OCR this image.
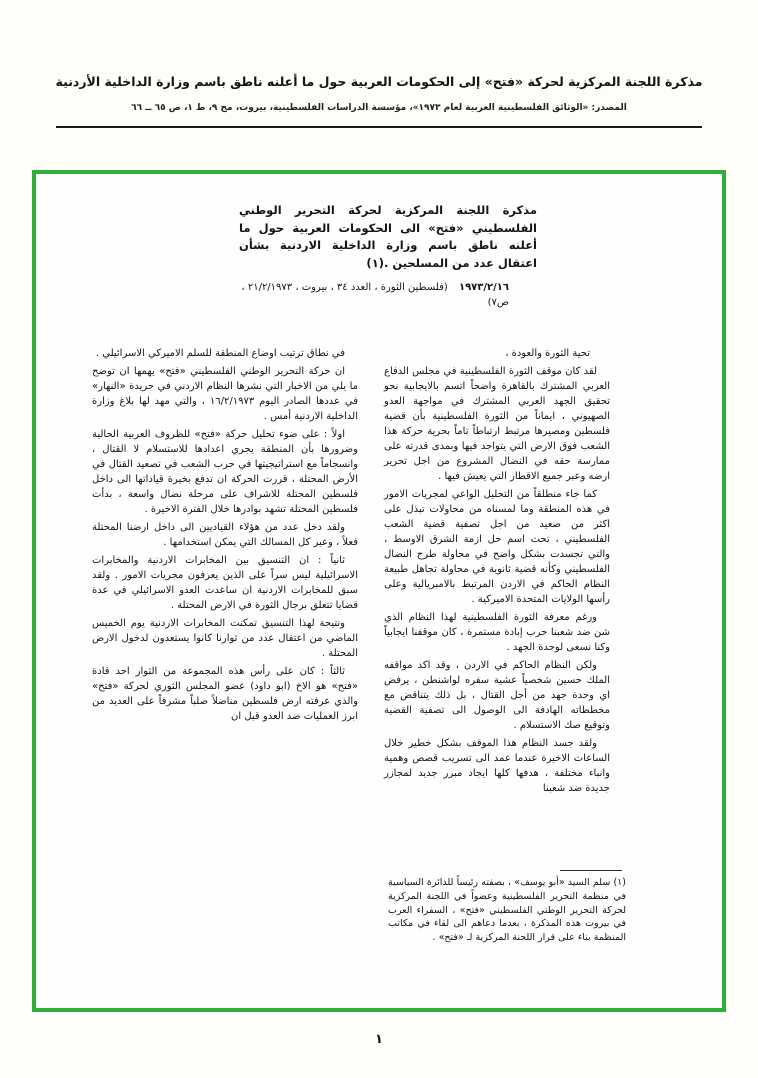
مذكرة اللجنة المركزية لحركة «فتح» إلى الحكومات العربية حول ما أعلنه ناطق باسم وزارة الداخلية الأردنية
المصدر: «الوثائق الفلسطينية العربية لعام ١٩٧٣»، مؤسسة الدراسات الفلسطينية، بيروت، مج ٩، ط ١، ص ٦٥ ــ ٦٦
مذكرة اللجنة المركزية لحركة التحرير الوطني الفلسطيني «فتح» الى الحكومات العربية حول ما أعلنه ناطق باسم وزارة الداخلية الاردنية بشأن اعتقال عدد من المسلحين .(١)
١٩٧٣/٢/١٦ (فلسطين الثورة ، العدد ٣٤ ، بيروت ، ٢١/٢/١٩٧٣ ، ص٧)

تحية الثورة والعودة ،

لقد كان موقف الثورة الفلسطينية في مجلس الدفاع العربي المشترك بالقاهرة واضحاً اتسم بالايجابية نحو تحقيق الجهد العربي المشترك في مواجهة العدو الصهيوني ، ايماناً من الثورة الفلسطينية بأن قضية فلسطين ومصيرها مرتبط ارتباطاً تاماً بحرية حركة هذا الشعب فوق الارض التي يتواجد فيها وبمدى قدرته على ممارسة حقه في النضال المشروع من اجل تحرير ارضه وعبر جميع الاقطار التي يعيش فيها .

كما جاء منطلقاً من التحليل الواعي لمجريات الامور في هذه المنطقة وما لمسناه من محاولات تبذل على اكثر من صعيد من اجل تصفية قضية الشعب الفلسطيني ، تحت اسم حل ازمة الشرق الاوسط ، والتي تجسدت بشكل واضح في محاولة طرح النضال الفلسطيني وكأنه قضية ثانوية في محاولة تجاهل طبيعة النظام الحاكم في الاردن المرتبط بالامبريالية وعلى رأسها الولايات المتحدة الاميركية .

ورغم معرفة الثورة الفلسطينية لهذا النظام الذي شن ضد شعبنا حرب إبادة مستمرة ، كان موقفنا ايجابياً وكنا نسعى لوحدة الجهد .

ولكن النظام الحاكم في الاردن ، وقد اكد مواقفه الملك حسين شخصياً عشية سفره لواشنطن ، يرفض اي وحدة جهد من أجل القتال ، بل ذلك يتناقض مع مخططاته الهادفة الى الوصول الى تصفية القضية وتوقيع صك الاستسلام .

ولقد جسد النظام هذا الموقف بشكل خطير خلال الساعات الاخيرة عندما عمد الى تسريب قصص وهمية وانباء مختلفة ، هدفها كلها ايجاد مبرر جديد لمجازر جديدة ضد شعبنا

في نطاق ترتيب اوضاع المنطقة للسلم الاميركي الاسرائيلي .

ان حركة التحرير الوطني الفلسطيني «فتح» يهمها ان توضح ما يلي من الاخبار التي نشرها النظام الاردني في جريدة «النهار» في عددها الصادر اليوم ١٦/٢/١٩٧٣ ، والتي مهد لها بلاغ وزارة الداخلية الاردنية أمس .

اولاً : على ضوء تحليل حركة «فتح» للظروف العربية الحالية وضرورها بأن المنطقة يجري اعدادها للاستسلام لا القتال ، وانسجاماً مع استراتيجيتها في حرب الشعب في تصعيد القتال في الأرض المحتلة ، قررت الحركة ان تدفع بخيرة قياداتها الى داخل فلسطين المحتلة للاشراف على مرحلة نضال واسعة ، بدأت فلسطين المحتلة تشهد بوادرها خلال الفترة الاخيرة .

ولقد دخل عدد من هؤلاء القياديين الى داخل ارضنا المحتلة فعلاً ، وعبر كل المسالك التي يمكن استخدامها .

ثانياً : ان التنسيق بين المخابرات الاردنية والمخابرات الاسرائيلية ليس سراً على الذين يعرفون مجريات الامور . ولقد سبق للمخابرات الاردنية ان ساعدت العدو الاسرائيلي في عدة قضايا تتعلق برجال الثورة في الارض المحتلة .

ونتيجة لهذا التنسيق تمكنت المخابرات الاردنية يوم الخميس الماضي من اعتقال عدد من ثوارنا كانوا يستعدون لدخول الارض المحتلة .

ثالثاً : كان على رأس هذه المجموعة من الثوار احد قادة «فتح» هو الاخ (ابو داود) عضو المجلس الثوري لحركة «فتح» والذي عرفته ارض فلسطين مناضلاً صلباً مشرفاً على العديد من ابرز العمليات ضد العدو قبل ان

(١) سلم السيد «أبو يوسف» ، بصفته رئيساً للدائرة السياسية في منظمة التحرير الفلسطينية وعضواً في اللجنة المركزية لحركة التحرير الوطني الفلسطيني «فتح» ، السفراء العرب في بيروت هذه المذكرة ، بعدما دعاهم الى لقاء في مكاتب المنظمة بناء على قرار اللجنة المركزية لـ «فتح» .
١
